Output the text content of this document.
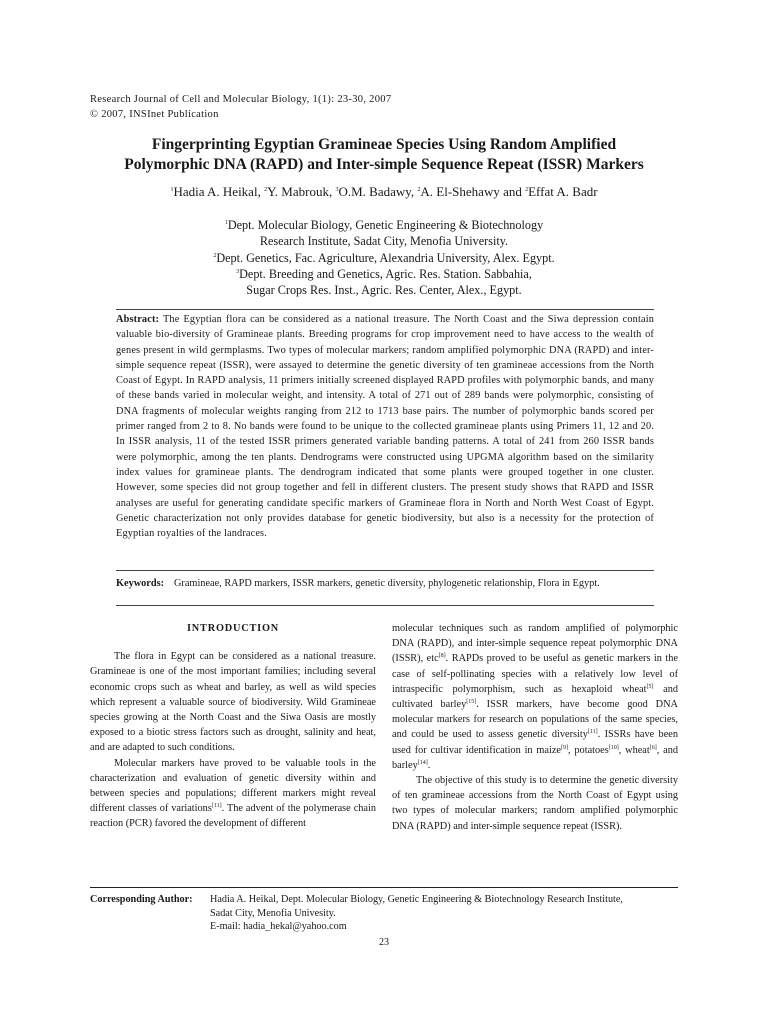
Research Journal of Cell and Molecular Biology, 1(1): 23-30, 2007
© 2007, INSInet Publication
Fingerprinting Egyptian Gramineae Species Using Random Amplified
Polymorphic DNA (RAPD) and Inter-simple Sequence Repeat (ISSR) Markers
$^1$Hadia A. Heikal, $^2$Y. Mabrouk, $^3$O.M. Badawy, $^2$A. El-Shehawy and $^2$Effat A. Badr
$^1$Dept. Molecular Biology, Genetic Engineering & Biotechnology
Research Institute, Sadat City, Menofia University.
$^2$Dept. Genetics, Fac. Agriculture, Alexandria University, Alex. Egypt.
$^3$Dept. Breeding and Genetics, Agric. Res. Station. Sabbahia,
Sugar Crops Res. Inst., Agric. Res. Center, Alex., Egypt.
Abstract: The Egyptian flora can be considered as a national treasure. The North Coast and the Siwa depression contain valuable bio-diversity of Gramineae plants. Breeding programs for crop improvement need to have access to the wealth of genes present in wild germplasms. Two types of molecular markers; random amplified polymorphic DNA (RAPD) and inter-simple sequence repeat (ISSR), were assayed to determine the genetic diversity of ten gramineae accessions from the North Coast of Egypt. In RAPD analysis, 11 primers initially screened displayed RAPD profiles with polymorphic bands, and many of these bands varied in molecular weight, and intensity. A total of 271 out of 289 bands were polymorphic, consisting of DNA fragments of molecular weights ranging from 212 to 1713 base pairs. The number of polymorphic bands scored per primer ranged from 2 to 8. No bands were found to be unique to the collected gramineae plants using Primers 11, 12 and 20. In ISSR analysis, 11 of the tested ISSR primers generated variable banding patterns. A total of 241 from 260 ISSR bands were polymorphic, among the ten plants. Dendrograms were constructed using UPGMA algorithm based on the similarity index values for gramineae plants. The dendrogram indicated that some plants were grouped together in one cluster. However, some species did not group together and fell in different clusters. The present study shows that RAPD and ISSR analyses are useful for generating candidate specific markers of Gramineae flora in North and North West Coast of Egypt. Genetic characterization not only provides database for genetic biodiversity, but also is a necessity for the protection of Egyptian royalties of the landraces.
Keywords: Gramineae, RAPD markers, ISSR markers, genetic diversity, phylogenetic relationship, Flora in Egypt.
INTRODUCTION

The flora in Egypt can be considered as a national treasure. Gramineae is one of the most important families; including several economic crops such as wheat and barley, as well as wild species which represent a valuable source of biodiversity. Wild Gramineae species growing at the North Coast and the Siwa Oasis are mostly exposed to a biotic stress factors such as drought, salinity and heat, and are adapted to such conditions.

Molecular markers have proved to be valuable tools in the characterization and evaluation of genetic diversity within and between species and populations; different markers might reveal different classes of variations[11]. The advent of the polymerase chain reaction (PCR) favored the development of different

molecular techniques such as random amplified of polymorphic DNA (RAPD), and inter-simple sequence repeat polymorphic DNA (ISSR), etc[8]. RAPDs proved to be useful as genetic markers in the case of self-pollinating species with a relatively low level of intraspecific polymorphism, such as hexaploid wheat[5] and cultivated barley[15]. ISSR markers, have become good DNA molecular markers for research on populations of the same species, and could be used to assess genetic diversity[11]. ISSRs have been used for cultivar identification in maize[9], potatoes[10], wheat[6], and barley[14].

The objective of this study is to determine the genetic diversity of ten gramineae accessions from the North Coast of Egypt using two types of molecular markers; random amplified polymorphic DNA (RAPD) and inter-simple sequence repeat (ISSR).

Corresponding Author: Hadia A. Heikal, Dept. Molecular Biology, Genetic Engineering & Biotechnology Research Institute,
Sadat City, Menofia Univesity.
E-mail: hadia_hekal@yahoo.com
23
